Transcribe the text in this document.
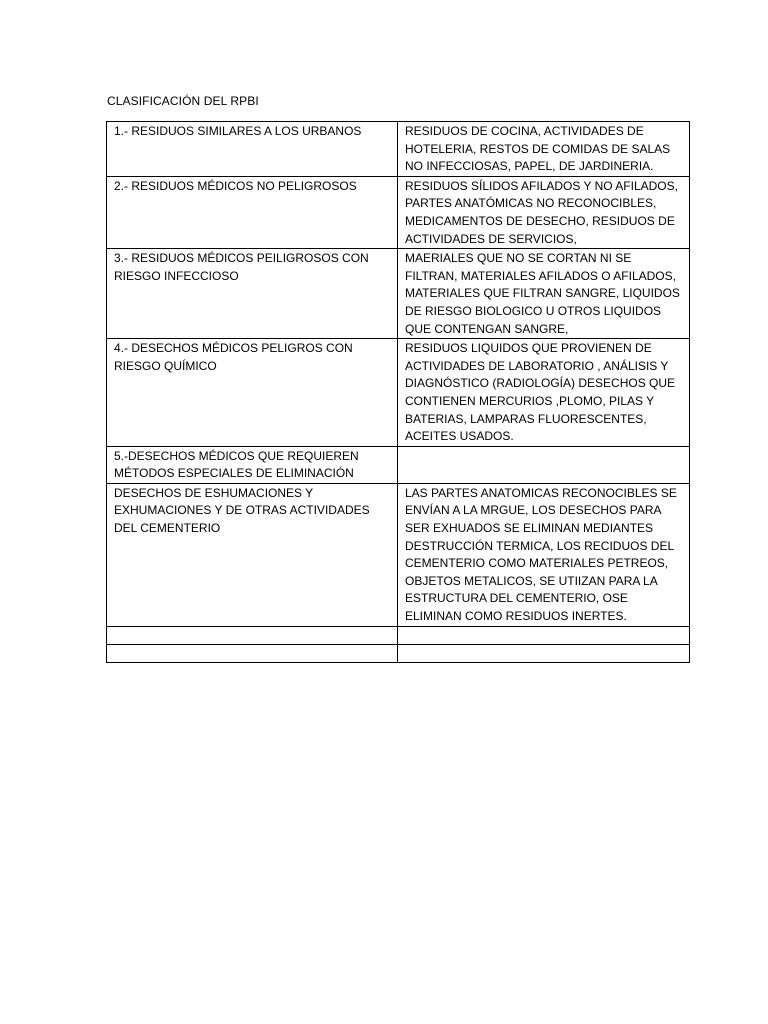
CLASIFICACIÓN DEL RPBI
1.- RESIDUOS SIMILARES A LOS URBANOS	RESIDUOS DE COCINA, ACTIVIDADES DE HOTELERIA, RESTOS DE COMIDAS DE SALAS NO INFECCIOSAS, PAPEL, DE JARDINERIA.
2.- RESIDUOS MÉDICOS NO PELIGROSOS	RESIDUOS SÍLIDOS AFILADOS Y NO AFILADOS, PARTES ANATÓMICAS NO RECONOCIBLES, MEDICAMENTOS DE DESECHO, RESIDUOS DE ACTIVIDADES DE SERVICIOS,
3.- RESIDUOS MÉDICOS PEILIGROSOS CON RIESGO INFECCIOSO	MAERIALES QUE NO SE CORTAN NI SE FILTRAN, MATERIALES AFILADOS O AFILADOS, MATERIALES QUE FILTRAN SANGRE, LIQUIDOS DE RIESGO BIOLOGICO U OTROS LIQUIDOS QUE CONTENGAN SANGRE,
4.- DESECHOS MÉDICOS PELIGROS CON RIESGO QUÍMICO	RESIDUOS LIQUIDOS QUE PROVIENEN DE ACTIVIDADES DE LABORATORIO , ANÁLISIS Y DIAGNÓSTICO (RADIOLOGÍA) DESECHOS QUE CONTIENEN MERCURIOS ,PLOMO, PILAS Y BATERIAS, LAMPARAS FLUORESCENTES, ACEITES USADOS.
5.-DESECHOS MÉDICOS QUE REQUIEREN MÉTODOS ESPECIALES DE ELIMINACIÓN	
DESECHOS DE ESHUMACIONES Y EXHUMACIONES Y DE OTRAS ACTIVIDADES DEL CEMENTERIO	LAS PARTES ANATOMICAS RECONOCIBLES SE ENVÍAN A LA MRGUE, LOS DESECHOS PARA SER EXHUADOS SE ELIMINAN MEDIANTES DESTRUCCIÓN TERMICA, LOS RECIDUOS DEL CEMENTERIO COMO MATERIALES PETREOS, OBJETOS METALICOS, SE UTIIZAN PARA LA ESTRUCTURA DEL CEMENTERIO, OSE ELIMINAN COMO RESIDUOS INERTES.
